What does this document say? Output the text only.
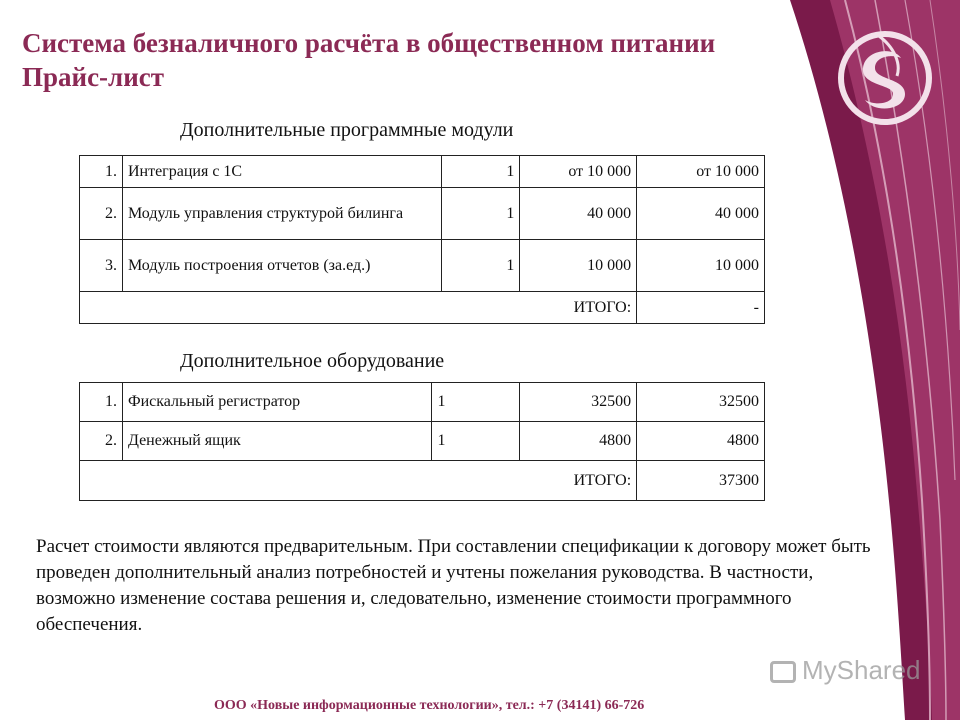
Система безналичного расчёта в общественном питании
Прайс-лист
Дополнительные программные модули
1.	Интеграция с 1С	1	от 10 000	от 10 000
2.	Модуль управления структурой билинга	1	40 000	40 000
3.	Модуль построения отчетов (за.ед.)	1	10 000	10 000
ИТОГО:				-
Дополнительное оборудование
1.	Фискальный регистратор	1	32500	32500
2.	Денежный ящик	1	4800	4800
ИТОГО:				37300

Расчет стоимости являются предварительным. При составлении спецификации к договору может быть проведен дополнительный анализ потребностей и учтены пожелания руководства. В частности, возможно изменение состава решения и, следовательно, изменение стоимости программного обеспечения.

MyShared
ООО «Новые информационные технологии», тел.: +7 (34141) 66-726
